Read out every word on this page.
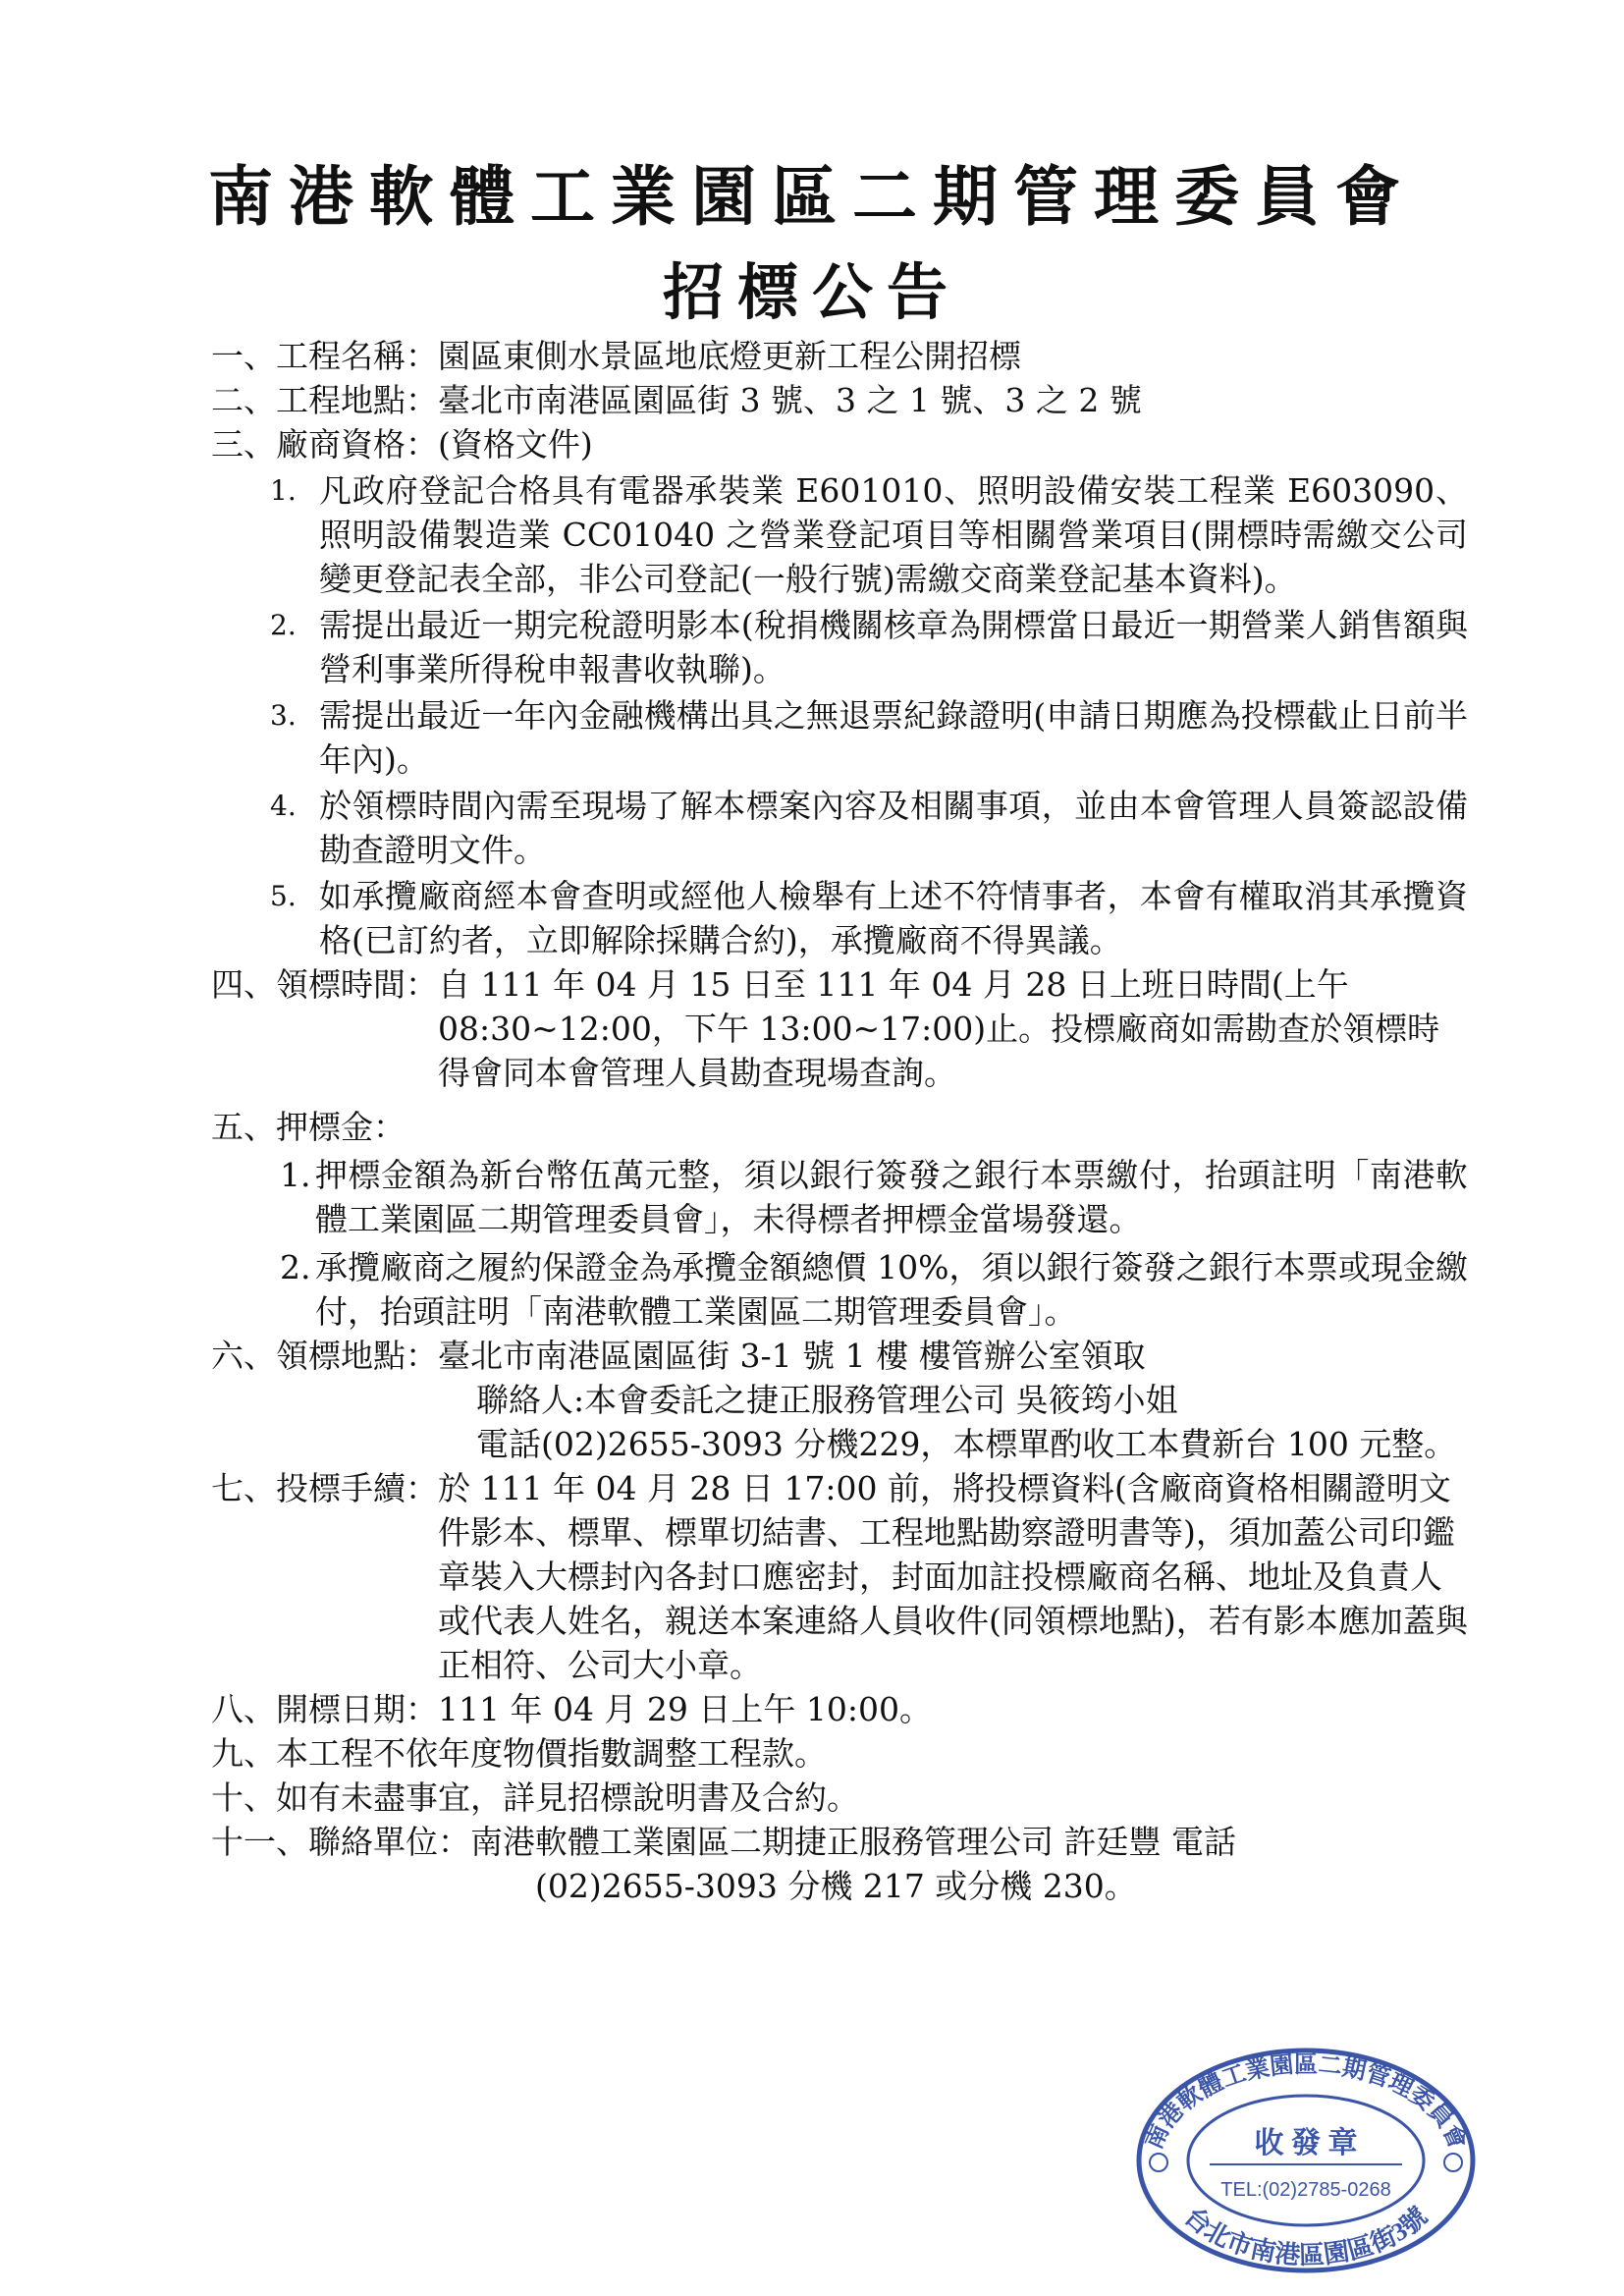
南港軟體工業園區二期管理委員會
招標公告
一、工程名稱： 園區東側水景區地底燈更新工程公開招標
二、工程地點： 臺北市南港區園區街 3 號、3 之 1 號、3 之 2 號
三、廠商資格： (資格文件)
1. 凡政府登記合格具有電器承裝業 E601010、照明設備安裝工程業 E603090、照明設備製造業 CC01040 之營業登記項目等相關營業項目(開標時需繳交公司變更登記表全部，非公司登記(一般行號)需繳交商業登記基本資料)。
2. 需提出最近一期完稅證明影本(稅捐機關核章為開標當日最近一期營業人銷售額與營利事業所得稅申報書收執聯)。
3. 需提出最近一年內金融機構出具之無退票紀錄證明(申請日期應為投標截止日前半年內)。
4. 於領標時間內需至現場了解本標案內容及相關事項，並由本會管理人員簽認設備勘查證明文件。
5. 如承攬廠商經本會查明或經他人檢舉有上述不符情事者，本會有權取消其承攬資格(已訂約者，立即解除採購合約)，承攬廠商不得異議。
四、領標時間： 自 111 年 04 月 15 日至 111 年 04 月 28 日上班日時間(上午 08:30~12:00，下午 13:00~17:00)止。投標廠商如需勘查於領標時得會同本會管理人員勘查現場查詢。
五、押標金：
1. 押標金額為新台幣伍萬元整，須以銀行簽發之銀行本票繳付，抬頭註明「南港軟體工業園區二期管理委員會」，未得標者押標金當場發還。
2. 承攬廠商之履約保證金為承攬金額總價 10%，須以銀行簽發之銀行本票或現金繳付，抬頭註明「南港軟體工業園區二期管理委員會」。
六、領標地點： 臺北市南港區園區街 3-1 號 1 樓 樓管辦公室領取
聯絡人:本會委託之捷正服務管理公司 吳筱筠小姐
電話(02)2655-3093 分機229，本標單酌收工本費新台 100 元整。
七、投標手續： 於 111 年 04 月 28 日 17:00 前，將投標資料(含廠商資格相關證明文件影本、標單、標單切結書、工程地點勘察證明書等)，須加蓋公司印鑑章裝入大標封內各封口應密封，封面加註投標廠商名稱、地址及負責人或代表人姓名，親送本案連絡人員收件(同領標地點)，若有影本應加蓋與正相符、公司大小章。
八、開標日期： 111 年 04 月 29 日上午 10:00。
九、本工程不依年度物價指數調整工程款。
十、如有未盡事宜，詳見招標說明書及合約。
十一、聯絡單位： 南港軟體工業園區二期捷正服務管理公司 許廷豐 電話
(02)2655-3093 分機 217 或分機 230。
南港軟體工業園區二期管理委員會
台北市南港區園區街3號
收 發 章
TEL:(02)2785-0268
